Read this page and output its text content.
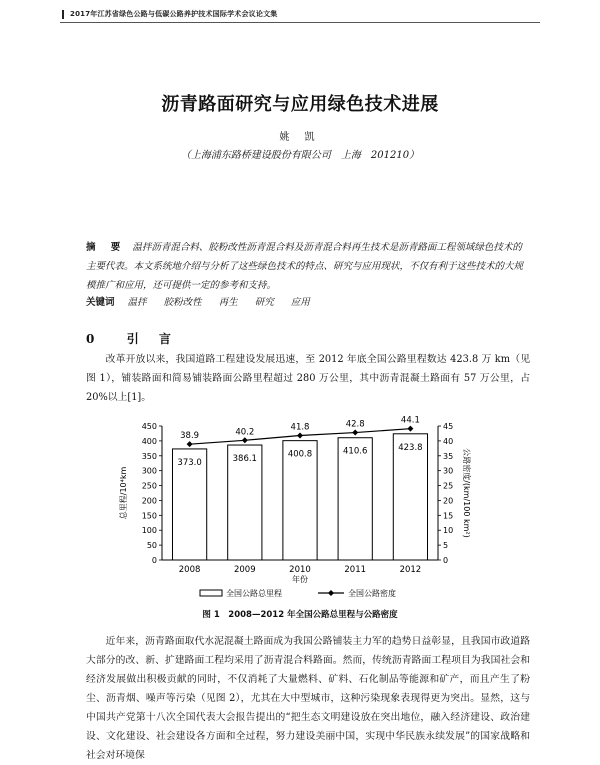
2017年江苏省绿色公路与低碳公路养护技术国际学术会议论文集
沥青路面研究与应用绿色技术进展
姚 凯
（上海浦东路桥建设股份有限公司　上海　201210）
摘 要 温拌沥青混合料、胶粉改性沥青混合料及沥青混合料再生技术是沥青路面工程领域绿色技术的主要代表。本文系统地介绍与分析了这些绿色技术的特点、研究与应用现状，不仅有利于这些技术的大规模推广和应用，还可提供一定的参考和支持。
关键词 温拌 胶粉改性 再生 研究 应用
0 引 言
改革开放以来，我国道路工程建设发展迅速，至 2012 年底全国公路里程数达 423.8 万 km（见图 1），铺装路面和简易铺装路面公路里程超过 280 万公里，其中沥青混凝土路面有 57 万公里，占 20%以上[1]。
0
50
100
150
200
250
300
350
400
450
0
5
10
15
20
25
30
35
40
45
373.0	386.1	400.8	410.6	423.8
38.9	40.2	41.8	42.8	44.1
2008	2009	2010	2011	2012
年份
总里程/10⁴km	公路密度/(km/100 km²)
全国公路总里程	全国公路密度
图 1　2008—2012 年全国公路总里程与公路密度
近年来，沥青路面取代水泥混凝土路面成为我国公路铺装主力军的趋势日益彰显，且我国市政道路大部分的改、新、扩建路面工程均采用了沥青混合料路面。然而，传统沥青路面工程项目为我国社会和经济发展做出积极贡献的同时，不仅消耗了大量燃料、矿料、石化制品等能源和矿产，而且产生了粉尘、沥青烟、噪声等污染（见图 2），尤其在大中型城市，这种污染现象表现得更为突出。显然，这与中国共产党第十八次全国代表大会报告提出的“把生态文明建设放在突出地位，融入经济建设、政治建设、文化建设、社会建设各方面和全过程，努力建设美丽中国，实现中华民族永续发展”的国家战略和社会对环境保
